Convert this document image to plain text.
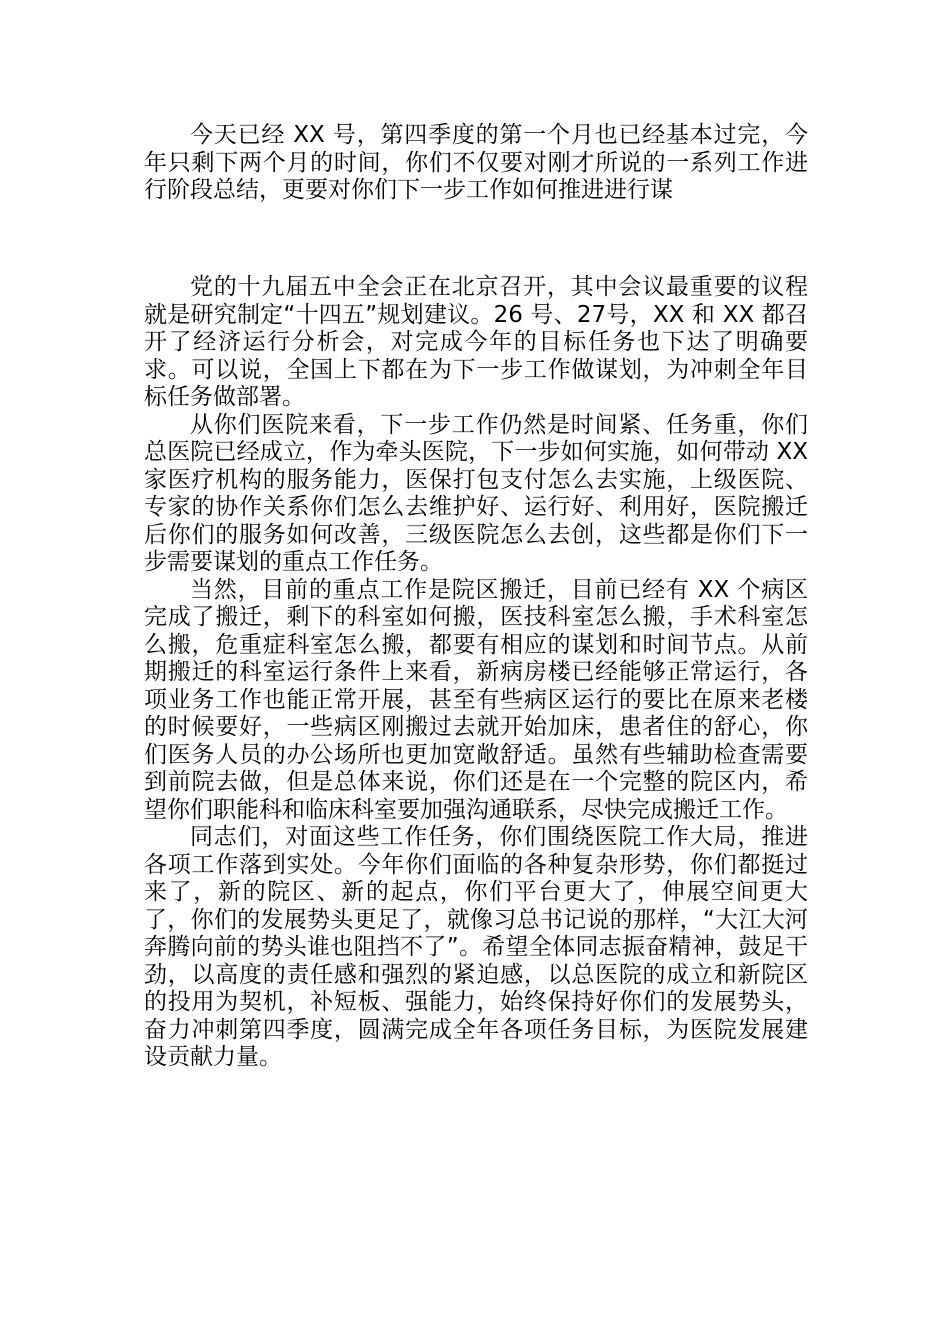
今天已经 XX 号，第四季度的第一个月也已经基本过完，今年只剩下两个月的时间，你们不仅要对刚才所说的一系列工作进行阶段总结，更要对你们下一步工作如何推进进行谋

党的十九届五中全会正在北京召开，其中会议最重要的议程就是研究制定“十四五”规划建议。26 号、27号，XX 和 XX 都召开了经济运行分析会，对完成今年的目标任务也下达了明确要求。可以说，全国上下都在为下一步工作做谋划，为冲刺全年目标任务做部署。

从你们医院来看，下一步工作仍然是时间紧、任务重，你们总医院已经成立，作为牵头医院，下一步如何实施，如何带动 XX 家医疗机构的服务能力，医保打包支付怎么去实施，上级医院、专家的协作关系你们怎么去维护好、运行好、利用好，医院搬迁后你们的服务如何改善，三级医院怎么去创，这些都是你们下一步需要谋划的重点工作任务。

当然，目前的重点工作是院区搬迁，目前已经有 XX 个病区完成了搬迁，剩下的科室如何搬，医技科室怎么搬，手术科室怎么搬，危重症科室怎么搬，都要有相应的谋划和时间节点。从前期搬迁的科室运行条件上来看，新病房楼已经能够正常运行，各项业务工作也能正常开展，甚至有些病区运行的要比在原来老楼的时候要好，一些病区刚搬过去就开始加床，患者住的舒心，你们医务人员的办公场所也更加宽敞舒适。虽然有些辅助检查需要到前院去做，但是总体来说，你们还是在一个完整的院区内，希望你们职能科和临床科室要加强沟通联系，尽快完成搬迁工作。

同志们，对面这些工作任务，你们围绕医院工作大局，推进各项工作落到实处。今年你们面临的各种复杂形势，你们都挺过来了，新的院区、新的起点，你们平台更大了，伸展空间更大了，你们的发展势头更足了，就像习总书记说的那样，“大江大河奔腾向前的势头谁也阻挡不了”。希望全体同志振奋精神，鼓足干劲，以高度的责任感和强烈的紧迫感，以总医院的成立和新院区的投用为契机，补短板、强能力，始终保持好你们的发展势头，奋力冲刺第四季度，圆满完成全年各项任务目标，为医院发展建设贡献力量。
